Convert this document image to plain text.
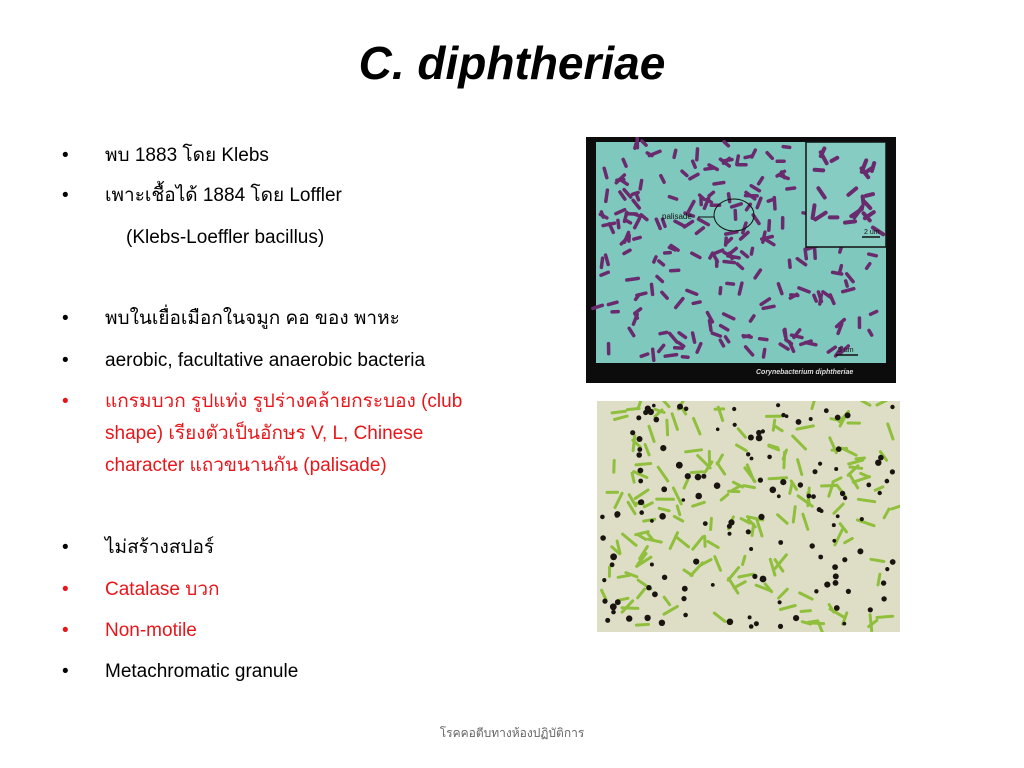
C. diphtheriae
•	พบ 1883 โดย Klebs
•	เพาะเชื้อได้ 1884 โดย Loffler
(Klebs-Loeffler bacillus)
•	พบในเยื่อเมือกในจมูก คอ ของ พาหะ
•	aerobic, facultative anaerobic bacteria
•	แกรมบวก รูปแท่ง รูปร่างคล้ายกระบอง (club
shape) เรียงตัวเป็นอักษร V, L, Chinese
character แถวขนานกัน (palisade)
•	ไม่สร้างสปอร์
•	Catalase บวก
•	Non-motile
•	Metachromatic granule
palisade
2 um
5 um
Corynebacterium diphtheriae
โรคคอตีบทางห้องปฏิบัติการ
